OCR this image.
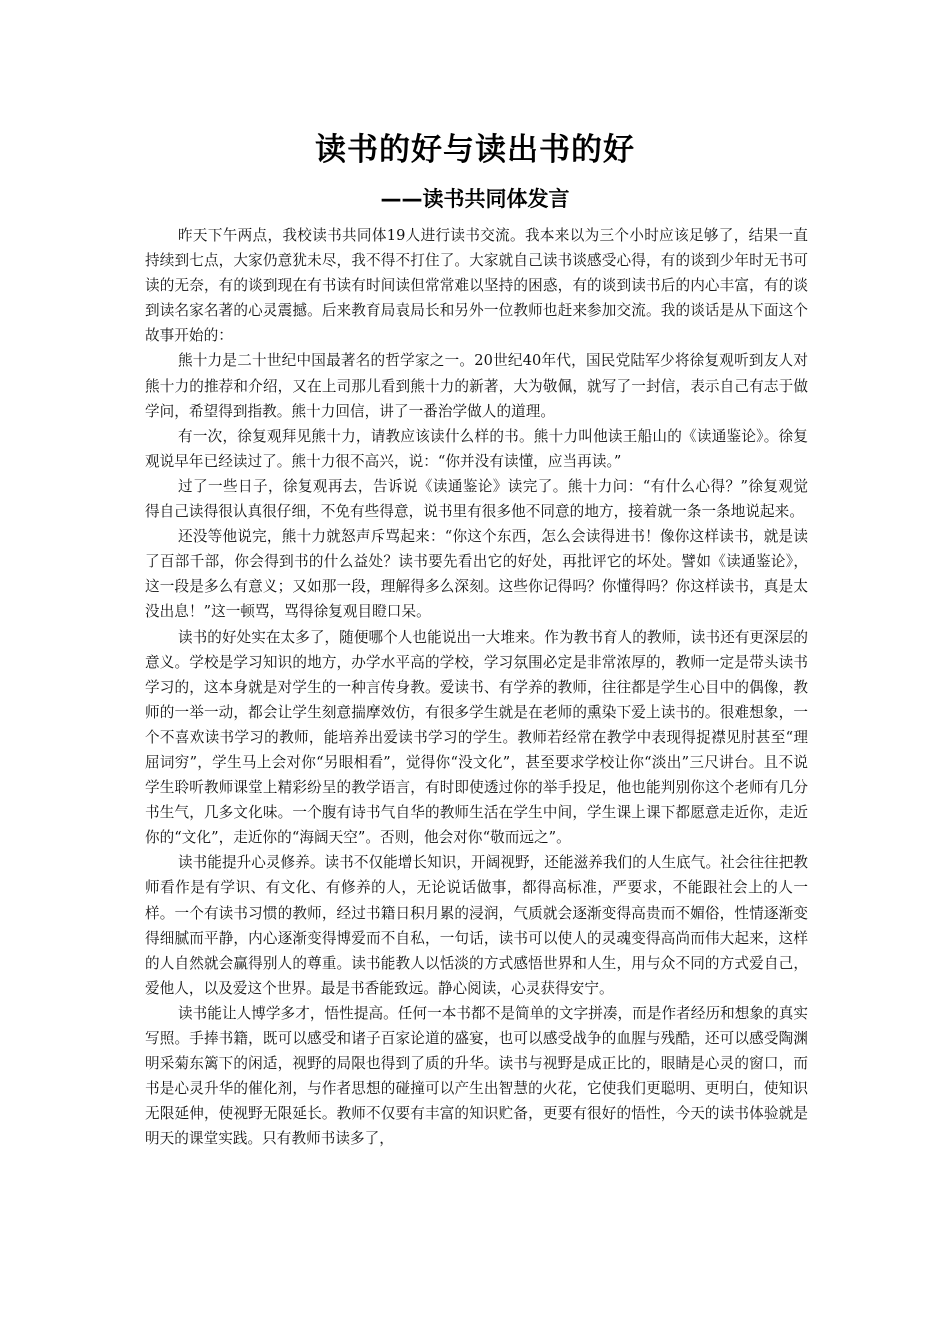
读书的好与读出书的好
——读书共同体发言

昨天下午两点，我校读书共同体19人进行读书交流。我本来以为三个小时应该足够了，结果一直持续到七点，大家仍意犹未尽，我不得不打住了。大家就自己读书谈感受心得，有的谈到少年时无书可读的无奈，有的谈到现在有书读有时间读但常常难以坚持的困惑，有的谈到读书后的内心丰富，有的谈到读名家名著的心灵震撼。后来教育局袁局长和另外一位教师也赶来参加交流。我的谈话是从下面这个故事开始的：

熊十力是二十世纪中国最著名的哲学家之一。20世纪40年代，国民党陆军少将徐复观听到友人对熊十力的推荐和介绍，又在上司那儿看到熊十力的新著，大为敬佩，就写了一封信，表示自己有志于做学问，希望得到指教。熊十力回信，讲了一番治学做人的道理。

有一次，徐复观拜见熊十力，请教应该读什么样的书。熊十力叫他读王船山的《读通鉴论》。徐复观说早年已经读过了。熊十力很不高兴，说：“你并没有读懂，应当再读。”

过了一些日子，徐复观再去，告诉说《读通鉴论》读完了。熊十力问：“有什么心得？”徐复观觉得自己读得很认真很仔细，不免有些得意，说书里有很多他不同意的地方，接着就一条一条地说起来。

还没等他说完，熊十力就怒声斥骂起来：“你这个东西，怎么会读得进书！像你这样读书，就是读了百部千部，你会得到书的什么益处？读书要先看出它的好处，再批评它的坏处。譬如《读通鉴论》，这一段是多么有意义；又如那一段，理解得多么深刻。这些你记得吗？你懂得吗？你这样读书，真是太没出息！”这一顿骂，骂得徐复观目瞪口呆。

读书的好处实在太多了，随便哪个人也能说出一大堆来。作为教书育人的教师，读书还有更深层的意义。学校是学习知识的地方，办学水平高的学校，学习氛围必定是非常浓厚的，教师一定是带头读书学习的，这本身就是对学生的一种言传身教。爱读书、有学养的教师，往往都是学生心目中的偶像，教师的一举一动，都会让学生刻意揣摩效仿，有很多学生就是在老师的熏染下爱上读书的。很难想象，一个不喜欢读书学习的教师，能培养出爱读书学习的学生。教师若经常在教学中表现得捉襟见肘甚至“理屈词穷”，学生马上会对你“另眼相看”，觉得你“没文化”，甚至要求学校让你“淡出”三尺讲台。且不说学生聆听教师课堂上精彩纷呈的教学语言，有时即使透过你的举手投足，他也能判别你这个老师有几分书生气，几多文化味。一个腹有诗书气自华的教师生活在学生中间，学生课上课下都愿意走近你，走近你的“文化”，走近你的“海阔天空”。否则，他会对你“敬而远之”。

读书能提升心灵修养。读书不仅能增长知识，开阔视野，还能滋养我们的人生底气。社会往往把教师看作是有学识、有文化、有修养的人，无论说话做事，都得高标准，严要求，不能跟社会上的人一样。一个有读书习惯的教师，经过书籍日积月累的浸润，气质就会逐渐变得高贵而不媚俗，性情逐渐变得细腻而平静，内心逐渐变得博爱而不自私，一句话，读书可以使人的灵魂变得高尚而伟大起来，这样的人自然就会赢得别人的尊重。读书能教人以恬淡的方式感悟世界和人生，用与众不同的方式爱自己，爱他人，以及爱这个世界。最是书香能致远。静心阅读，心灵获得安宁。

读书能让人博学多才，悟性提高。任何一本书都不是简单的文字拼凑，而是作者经历和想象的真实写照。手捧书籍，既可以感受和诸子百家论道的盛宴，也可以感受战争的血腥与残酷，还可以感受陶渊明采菊东篱下的闲适，视野的局限也得到了质的升华。读书与视野是成正比的，眼睛是心灵的窗口，而书是心灵升华的催化剂，与作者思想的碰撞可以产生出智慧的火花，它使我们更聪明、更明白，使知识无限延伸，使视野无限延长。教师不仅要有丰富的知识贮备，更要有很好的悟性，今天的读书体验就是明天的课堂实践。只有教师书读多了，
